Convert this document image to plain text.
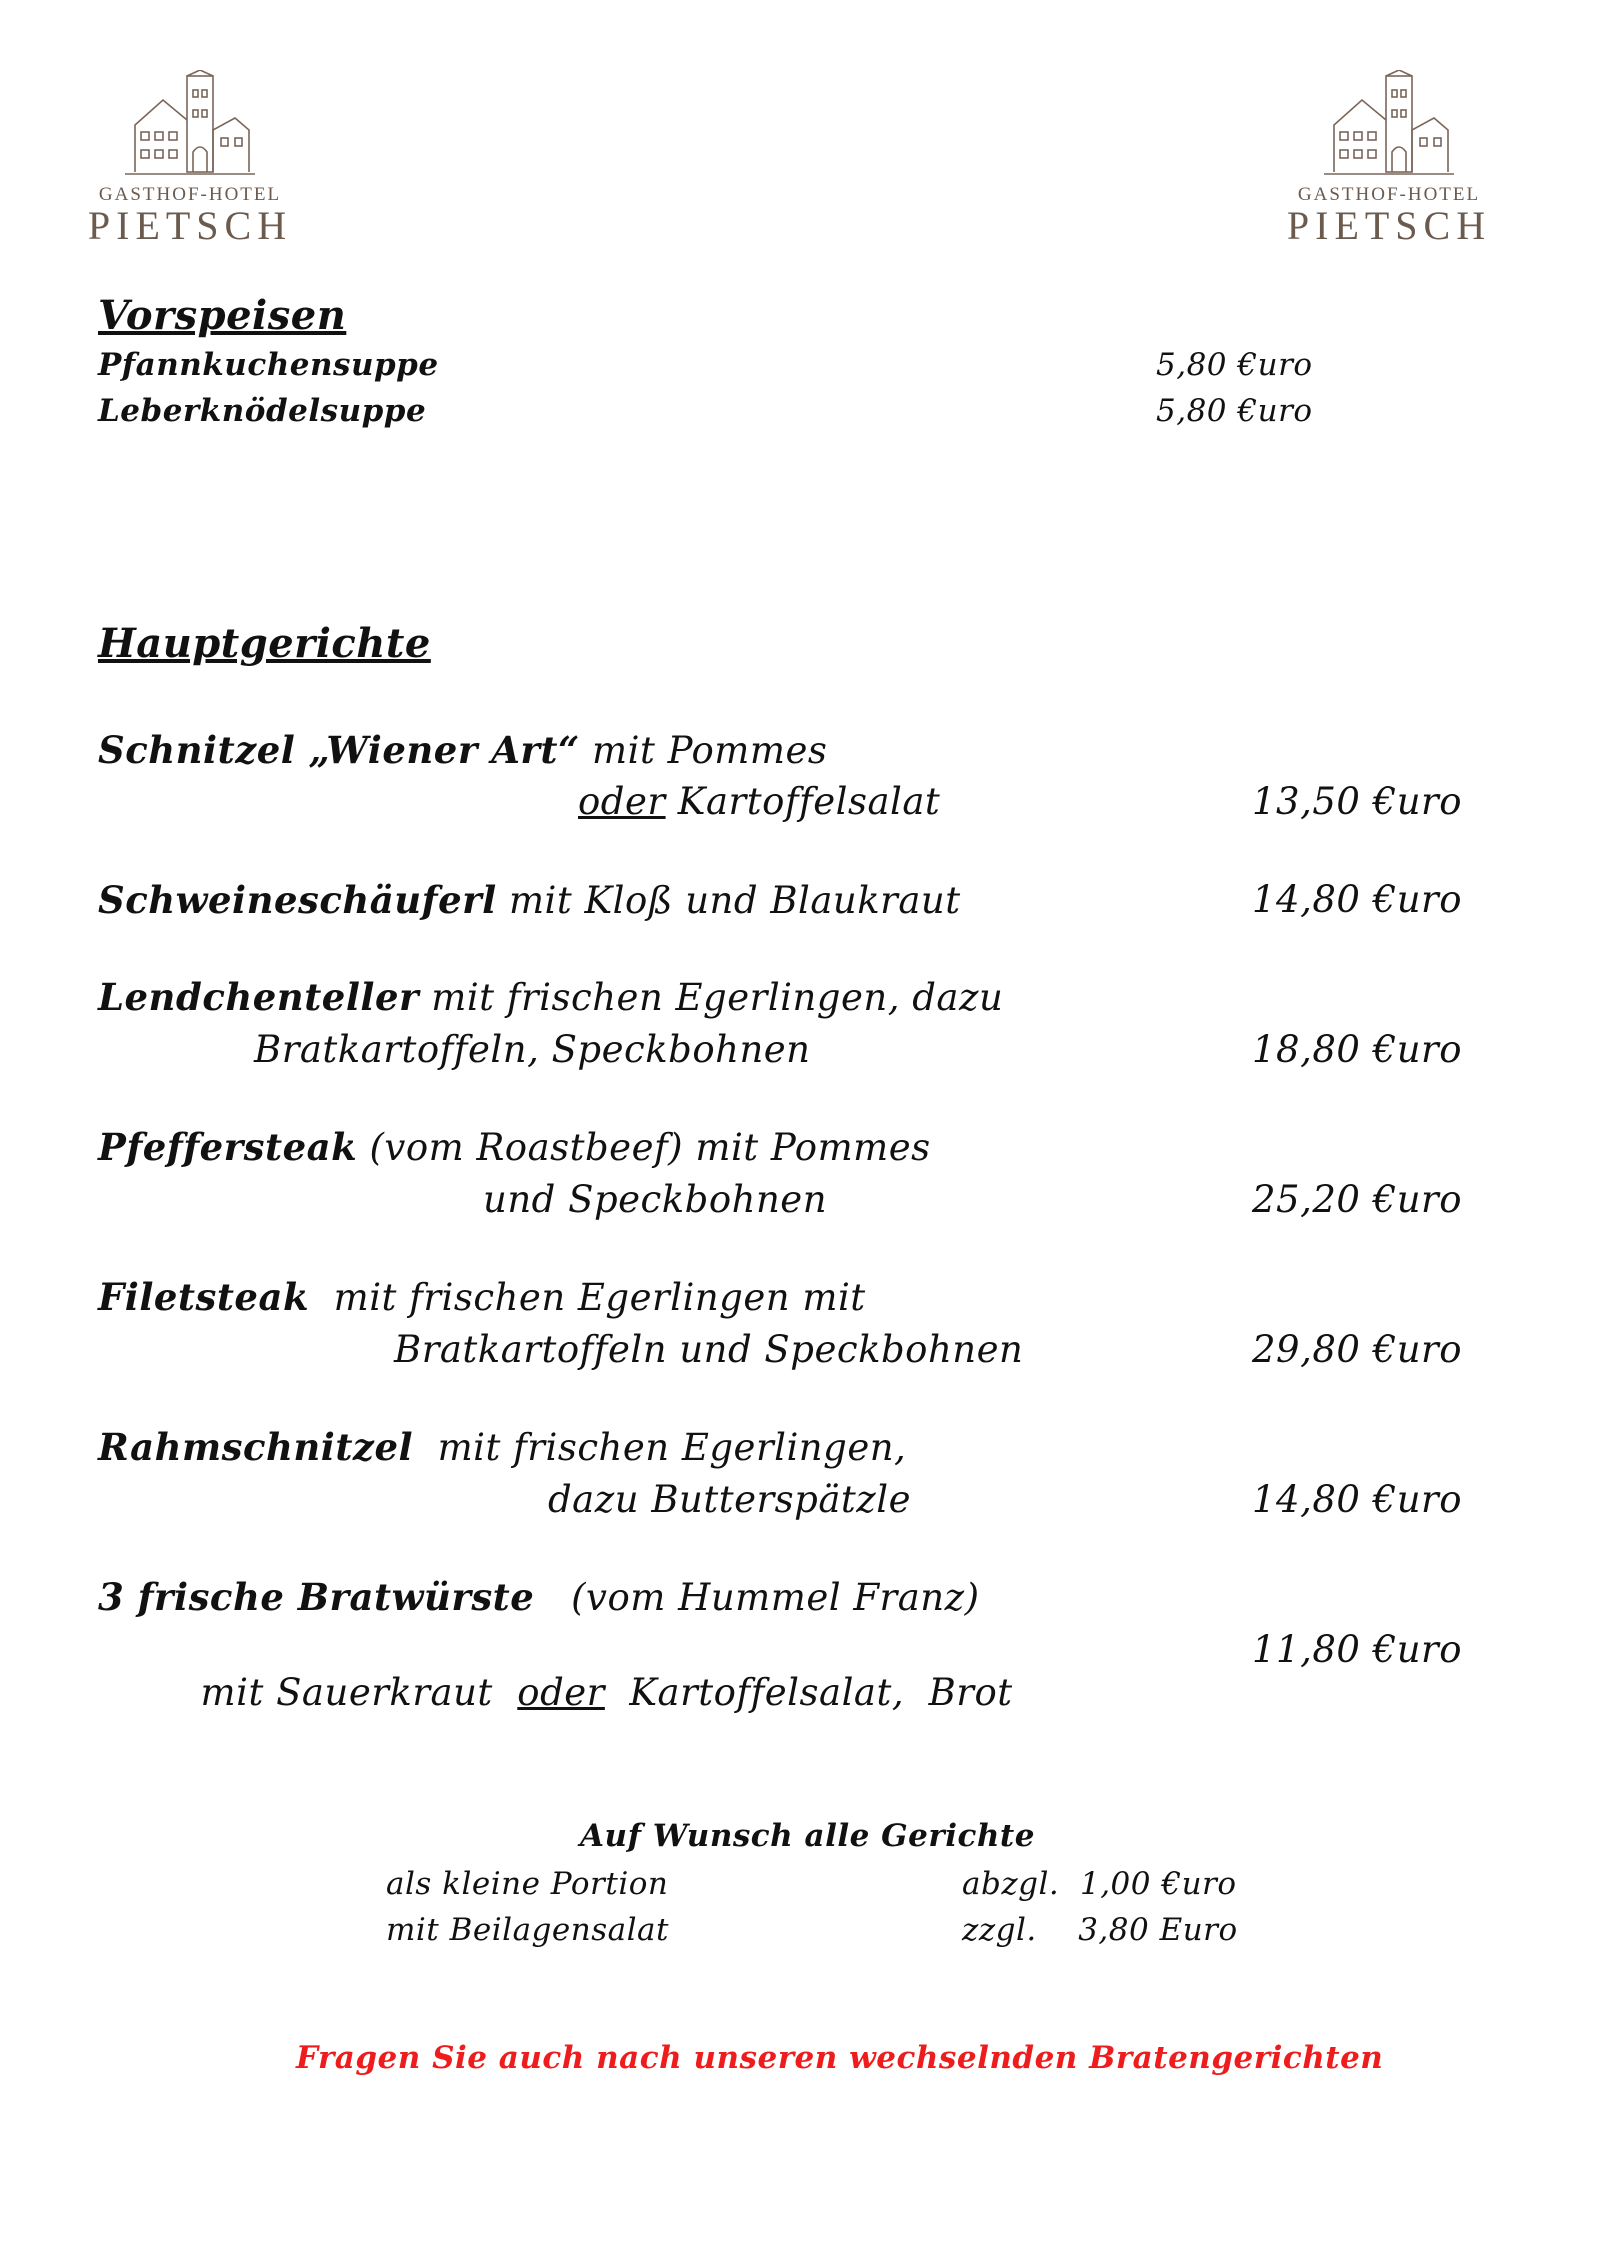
GASTHOF-HOTEL
PIETSCH
GASTHOF-HOTEL
PIETSCH
Vorspeisen
Pfannkuchensuppe	5,80 €uro
Leberknödelsuppe	5,80 €uro
Hauptgerichte
Schnitzel „Wiener Art“ mit Pommes
oder Kartoffelsalat	13,50 €uro
Schweineschäuferl mit Kloß und Blaukraut	14,80 €uro
Lendchenteller mit frischen Egerlingen, dazu
Bratkartoffeln, Speckbohnen	18,80 €uro
Pfeffersteak (vom Roastbeef) mit Pommes
und Speckbohnen	25,20 €uro
Filetsteak  mit frischen Egerlingen mit
Bratkartoffeln und Speckbohnen	29,80 €uro
Rahmschnitzel  mit frischen Egerlingen,
dazu Butterspätzle	14,80 €uro
3 frische Bratwürste   (vom Hummel Franz)

mit Sauerkraut  oder  Kartoffelsalat,  Brot

11,80 €uro
Auf Wunsch alle Gerichte
als kleine Portion	abzgl.  1,00 €uro
mit Beilagensalat	zzgl.    3,80 Euro
Fragen Sie auch nach unseren wechselnden Bratengerichten
